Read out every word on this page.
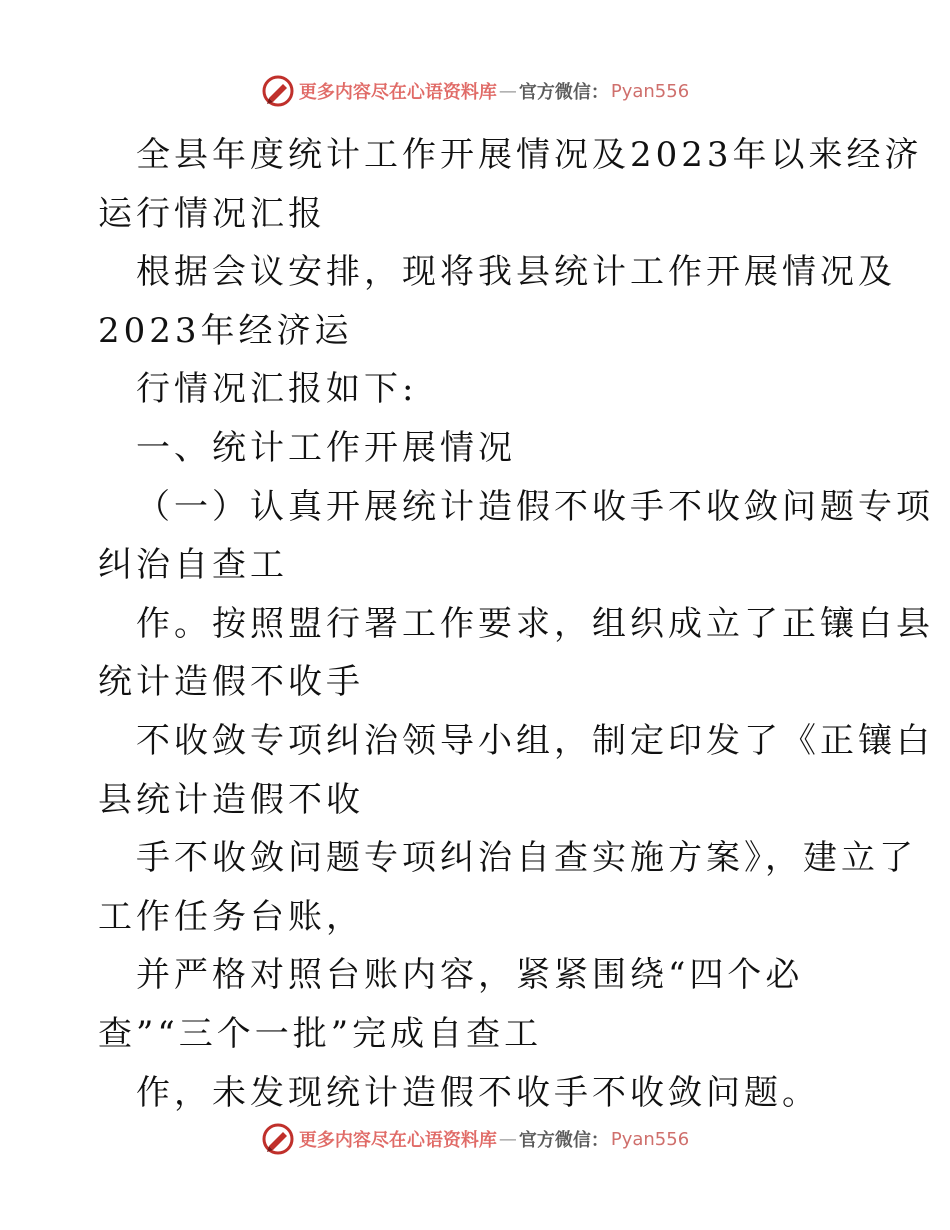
更多内容尽在心语资料库 — 官方微信： Pyan556
全县年度统计工作开展情况及2023年以来经济
运行情况汇报
根据会议安排，现将我县统计工作开展情况及
2023年经济运
行情况汇报如下:
一、统计工作开展情况
（一）认真开展统计造假不收手不收敛问题专项
纠治自查工
作。按照盟行署工作要求，组织成立了正镶白县
统计造假不收手
不收敛专项纠治领导小组，制定印发了《正镶白
县统计造假不收
手不收敛问题专项纠治自查实施方案》，建立了
工作任务台账，
并严格对照台账内容，紧紧围绕“四个必
查”“三个一批”完成自查工
作，未发现统计造假不收手不收敛问题。
更多内容尽在心语资料库 — 官方微信： Pyan556
